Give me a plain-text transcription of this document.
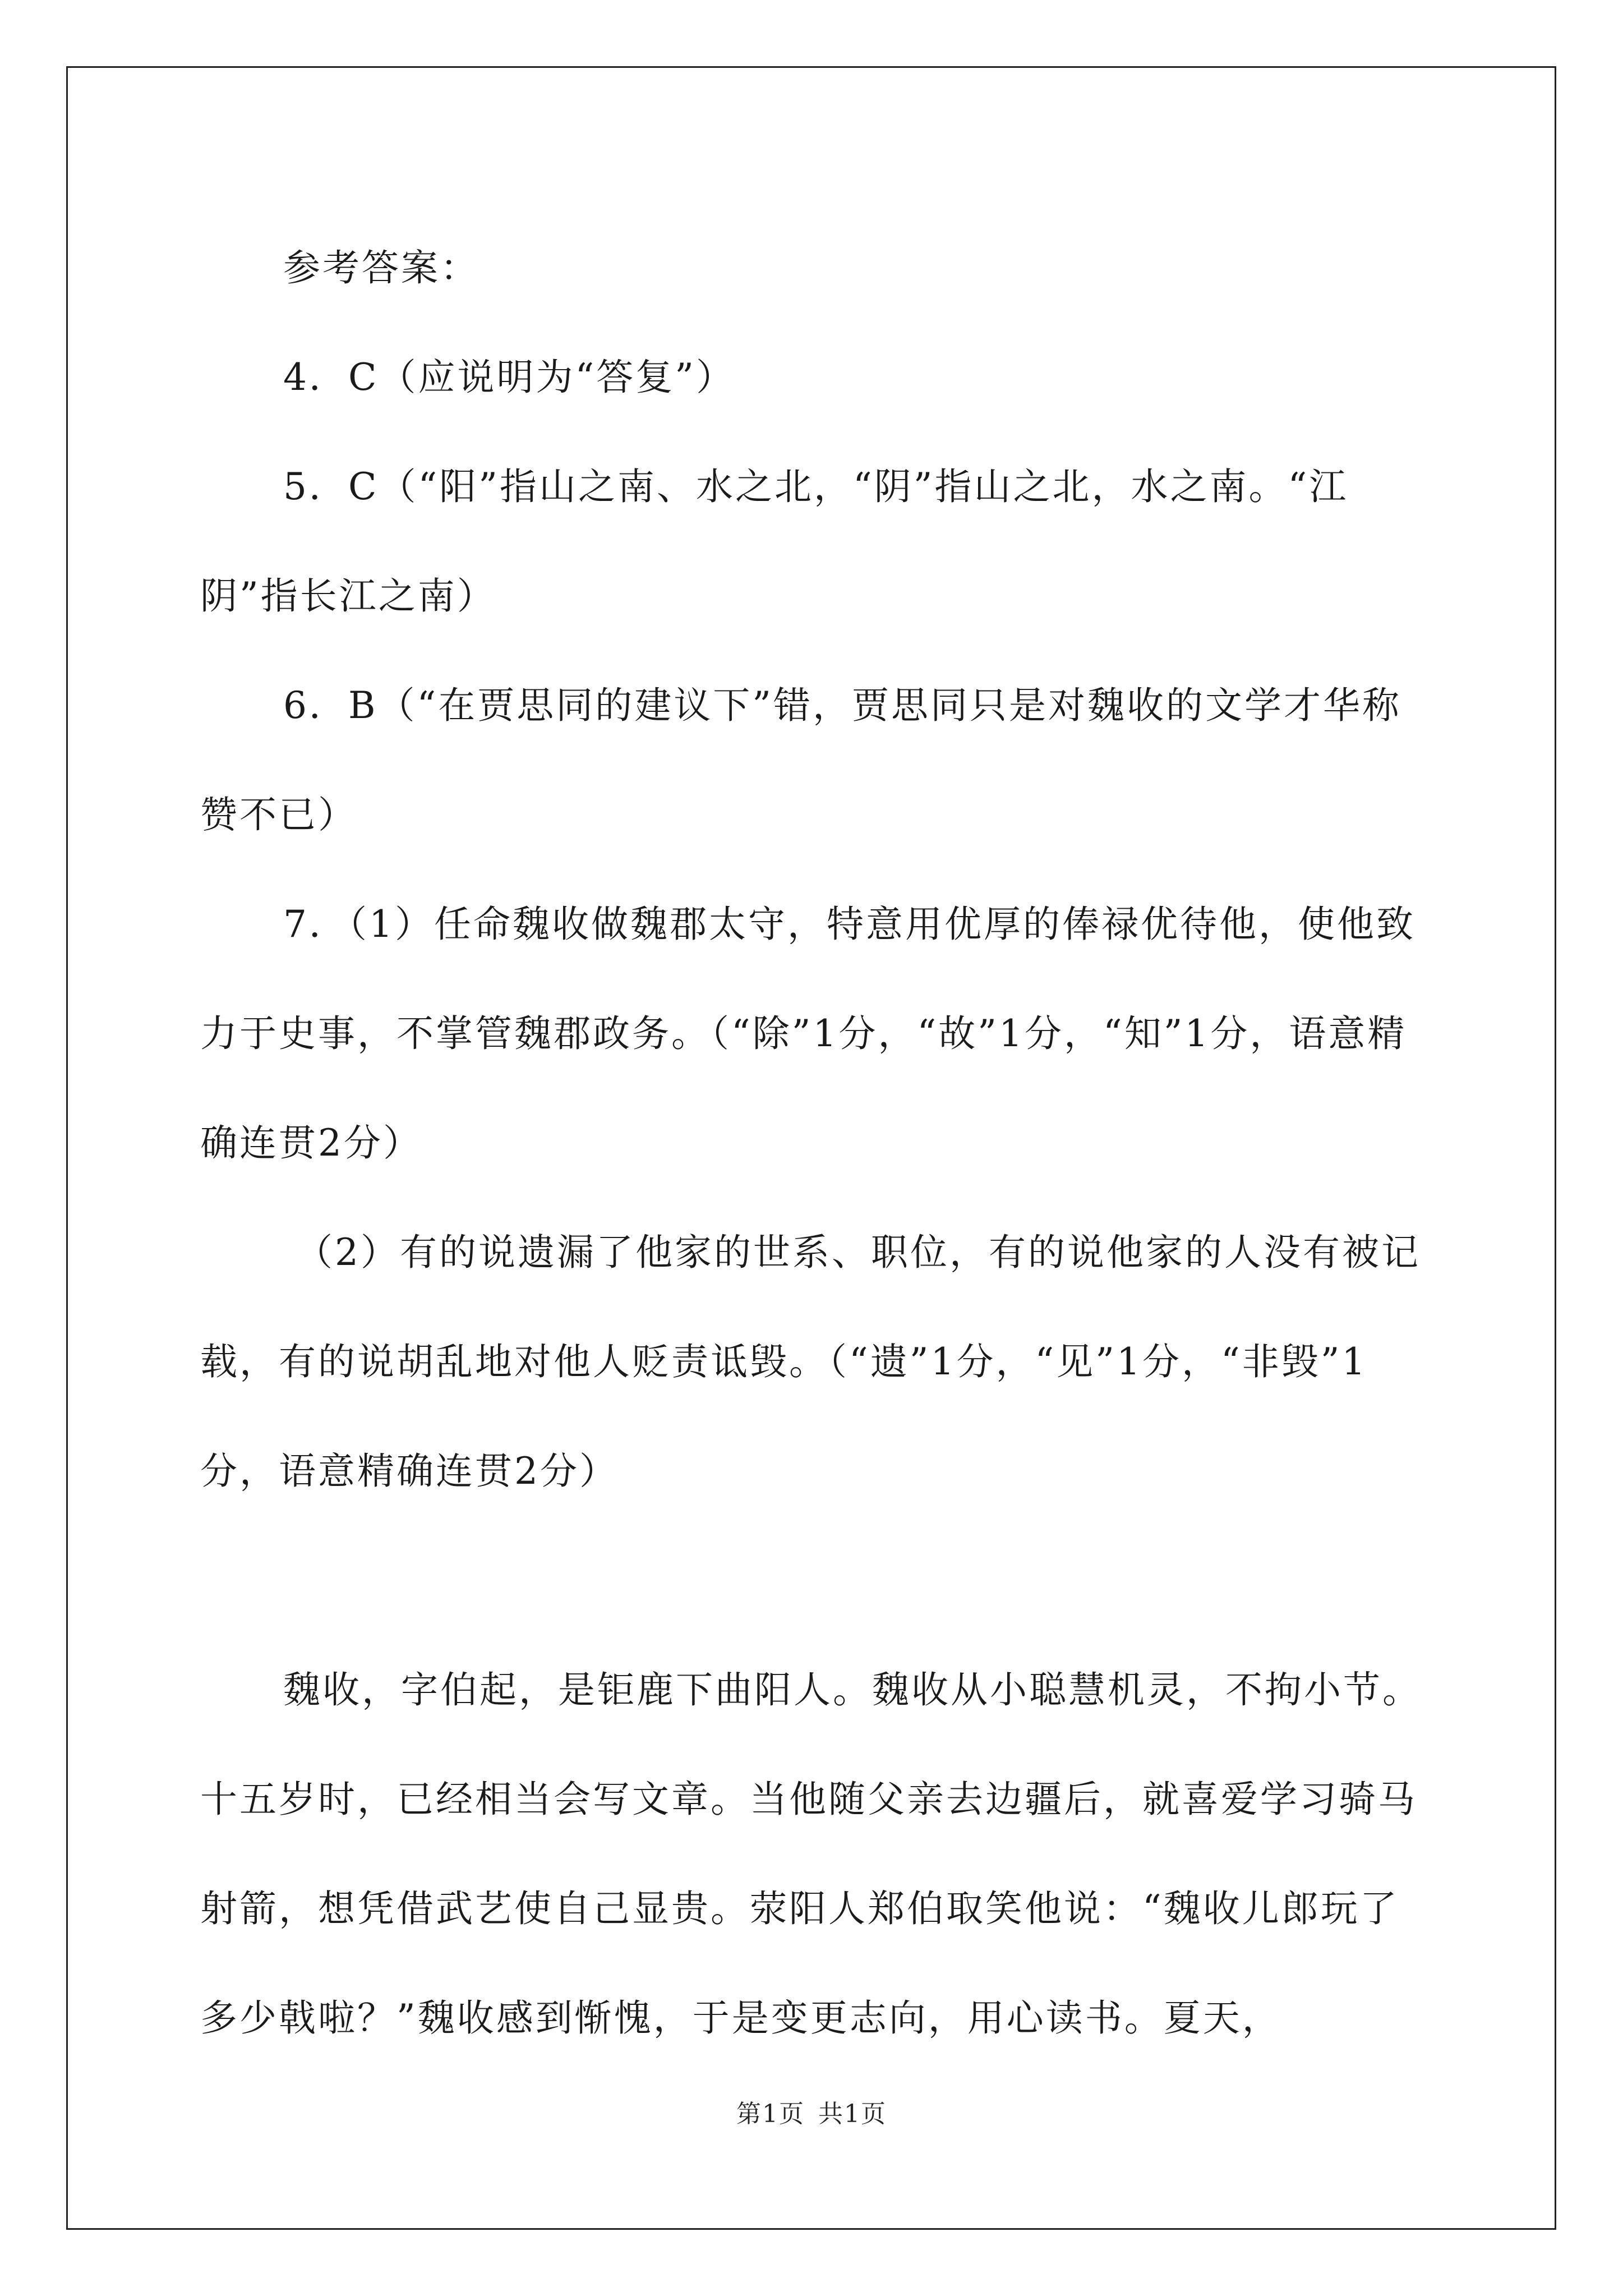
参考答案：

4．C（应说明为“答复”）

5．C（“阳”指山之南、水之北，“阴”指山之北，水之南。“江阴”指长江之南）

6．B（“在贾思同的建议下”错，贾思同只是对魏收的文学才华称赞不已）

7．（1）任命魏收做魏郡太守，特意用优厚的俸禄优待他，使他致力于史事，不掌管魏郡政务。（“除”1分，“故”1分，“知”1分，语意精确连贯2分）

（2）有的说遗漏了他家的世系、职位，有的说他家的人没有被记载，有的说胡乱地对他人贬责诋毁。（“遗”1分，“见”1分，“非毁”1分，语意精确连贯2分）

魏收，字伯起，是钜鹿下曲阳人。魏收从小聪慧机灵，不拘小节。十五岁时，已经相当会写文章。当他随父亲去边疆后，就喜爱学习骑马射箭，想凭借武艺使自己显贵。荥阳人郑伯取笑他说：“魏收儿郎玩了多少戟啦？”魏收感到惭愧，于是变更志向，用心读书。夏天，

第1页 共1页
